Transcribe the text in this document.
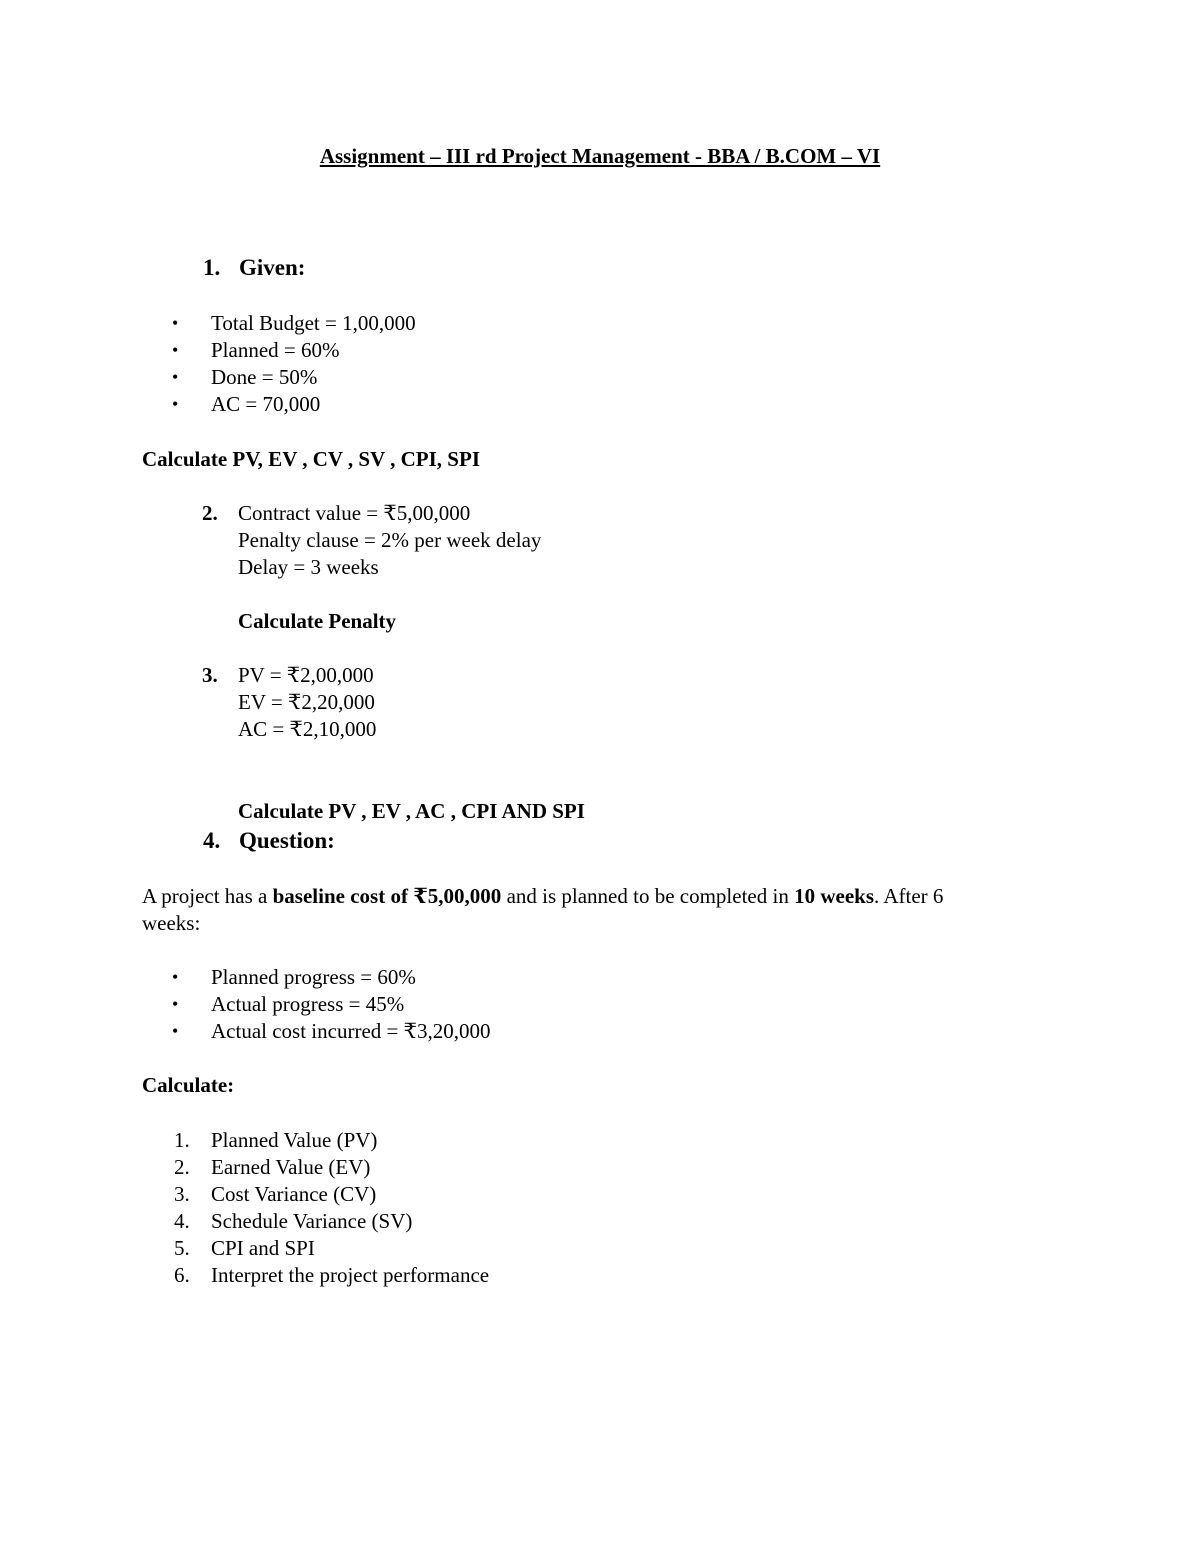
Assignment – III rd Project Management - BBA / B.COM – VI
1. Given:
• Total Budget = 1,00,000
• Planned = 60%
• Done = 50%
• AC = 70,000
Calculate PV, EV , CV , SV , CPI, SPI
2. Contract value = ₹5,00,000
Penalty clause = 2% per week delay
Delay = 3 weeks
Calculate Penalty
3. PV = ₹2,00,000
EV = ₹2,20,000
AC = ₹2,10,000
Calculate PV , EV , AC , CPI AND SPI
4. Question:
A project has a baseline cost of ₹5,00,000 and is planned to be completed in 10 weeks. After 6
weeks:
• Planned progress = 60%
• Actual progress = 45%
• Actual cost incurred = ₹3,20,000
Calculate:
1. Planned Value (PV)
2. Earned Value (EV)
3. Cost Variance (CV)
4. Schedule Variance (SV)
5. CPI and SPI
6. Interpret the project performance
